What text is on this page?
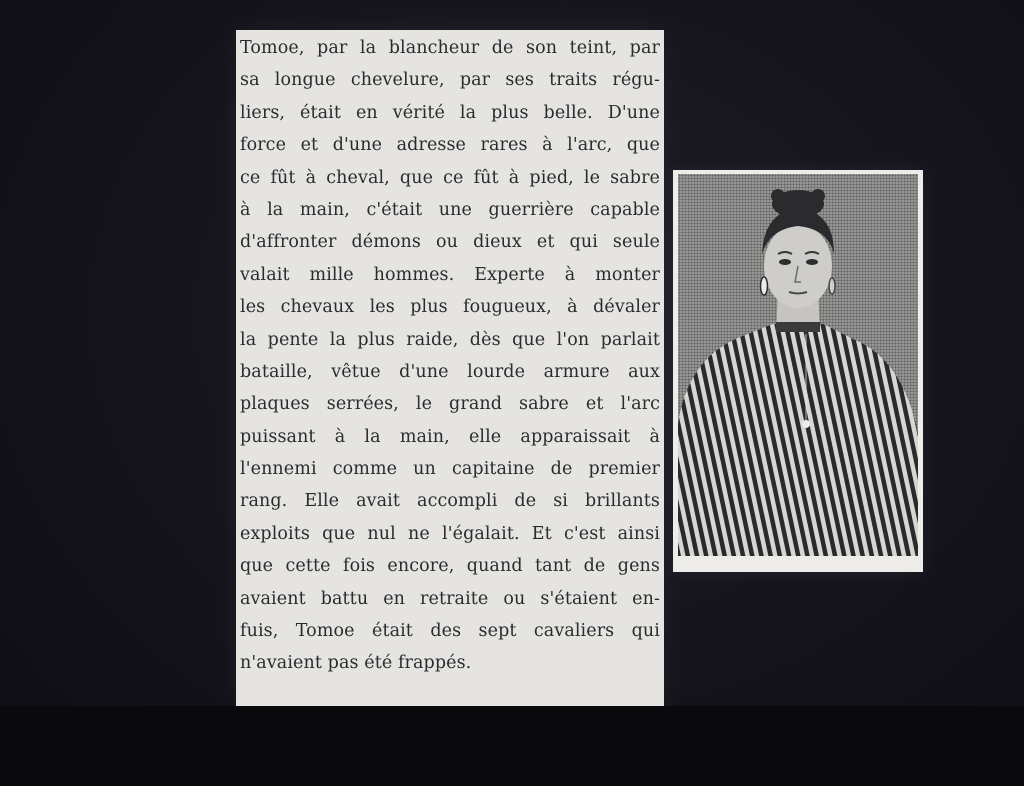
Tomoe, par la blancheur de son teint, par
sa longue chevelure, par ses traits régu-
liers, était en vérité la plus belle. D'une
force et d'une adresse rares à l'arc, que
ce fût à cheval, que ce fût à pied, le sabre
à la main, c'était une guerrière capable
d'affronter démons ou dieux et qui seule
valait mille hommes. Experte à monter
les chevaux les plus fougueux, à dévaler
la pente la plus raide, dès que l'on parlait
bataille, vêtue d'une lourde armure aux
plaques serrées, le grand sabre et l'arc
puissant à la main, elle apparaissait à
l'ennemi comme un capitaine de premier
rang. Elle avait accompli de si brillants
exploits que nul ne l'égalait. Et c'est ainsi
que cette fois encore, quand tant de gens
avaient battu en retraite ou s'étaient en-
fuis, Tomoe était des sept cavaliers qui
n'avaient pas été frappés.
